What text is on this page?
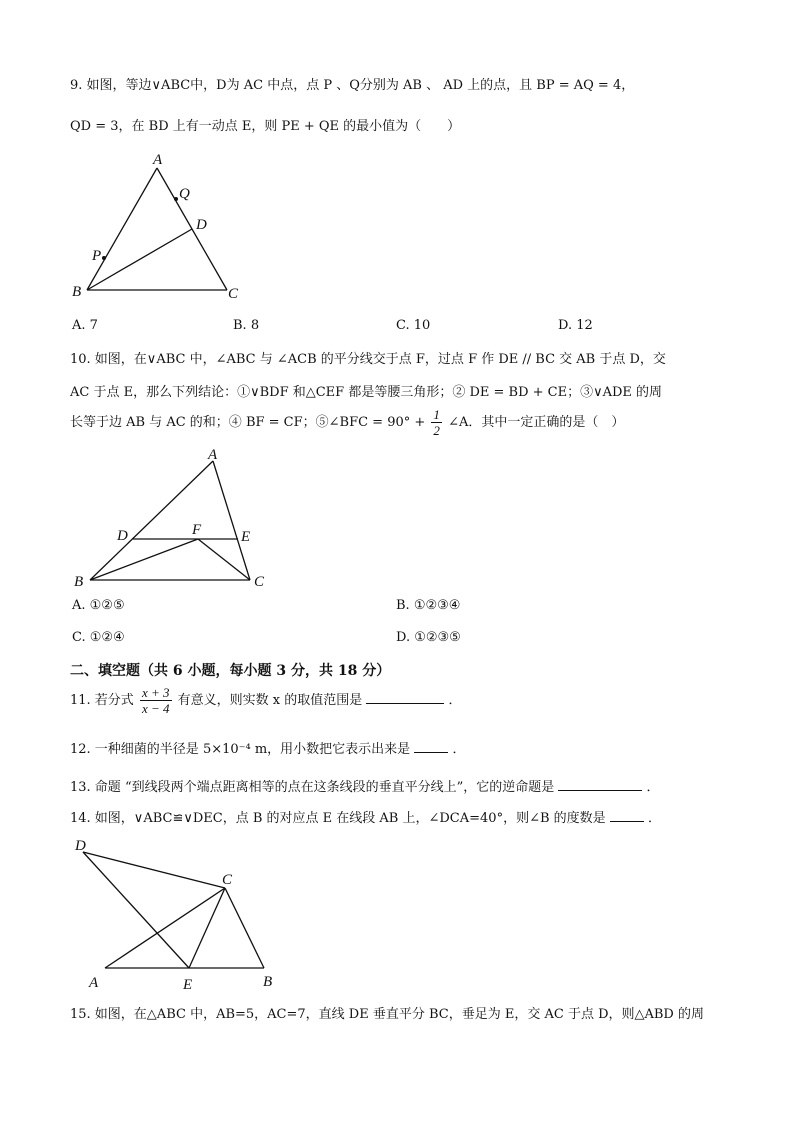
9. 如图，等边∨ABC中，D为 AC 中点，点 P 、Q分别为 AB 、 AD 上的点，且 BP = AQ = 4，
QD = 3，在 BD 上有一动点 E，则 PE + QE 的最小值为（　　）
A
Q
D
P
B	C
A. 7	B. 8	C. 10	D. 12
10. 如图，在∨ABC 中，∠ABC 与 ∠ACB 的平分线交于点 F，过点 F 作 DE // BC 交 AB 于点 D，交
AC 于点 E，那么下列结论：①∨BDF 和△CEF 都是等腰三角形；② DE = BD + CE；③∨ADE 的周
长等于边 AB 与 AC 的和；④ BF = CF；⑤∠BFC = $90^\circ + \frac{1}{2}$ ∠A．其中一定正确的是（　）
A
D	F	E
B	C
A. ①②⑤	B. ①②③④
C. ①②④	D. ①②③⑤
二、填空题（共 6 小题，每小题 3 分，共 18 分）
11. 若分式 $\frac{x + 3}{x - 4}$ 有意义，则实数 x 的取值范围是	．
12. 一种细菌的半径是 5×10⁻⁴ m，用小数把它表示出来是	．
13. 命题 “到线段两个端点距离相等的点在这条线段的垂直平分线上”，它的逆命题是	．
14. 如图，∨ABC≌∨DEC，点 B 的对应点 E 在线段 AB 上，∠DCA=40°，则∠B 的度数是	．
D
C
A	E	B
15. 如图，在△ABC 中，AB=5，AC=7，直线 DE 垂直平分 BC，垂足为 E，交 AC 于点 D，则△ABD 的周
